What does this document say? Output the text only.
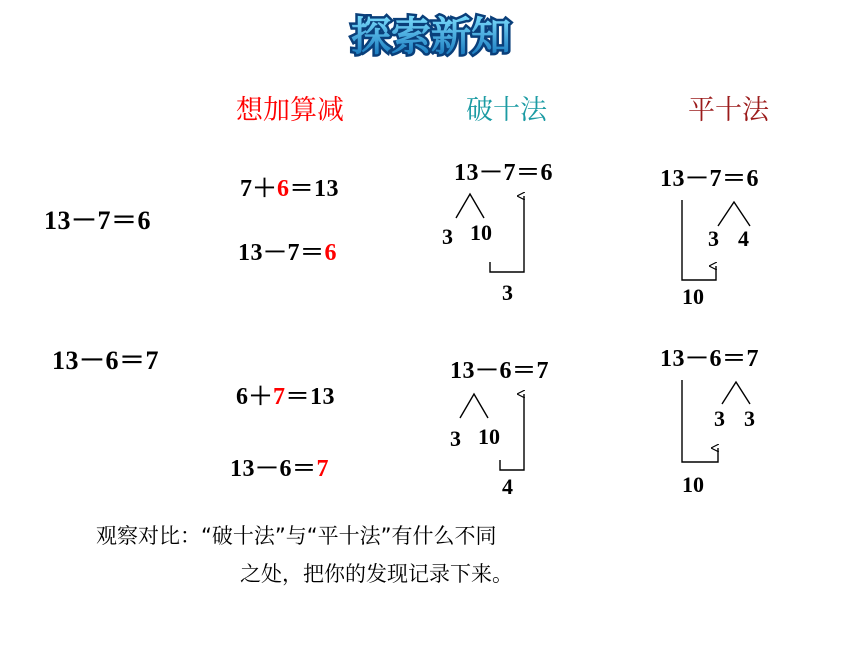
探索新知
想加算减	破十法	平十法
13－7＝6
7＋6＝13
13－7＝6
13－7＝6
3 10
3
13－7＝6
3 4
10
13－6＝7
6＋7＝13
13－6＝7
13－6＝7
3 10
4
13－6＝7
3 3
10
观察对比：“破十法”与“平十法”有什么不同
之处，把你的发现记录下来。
